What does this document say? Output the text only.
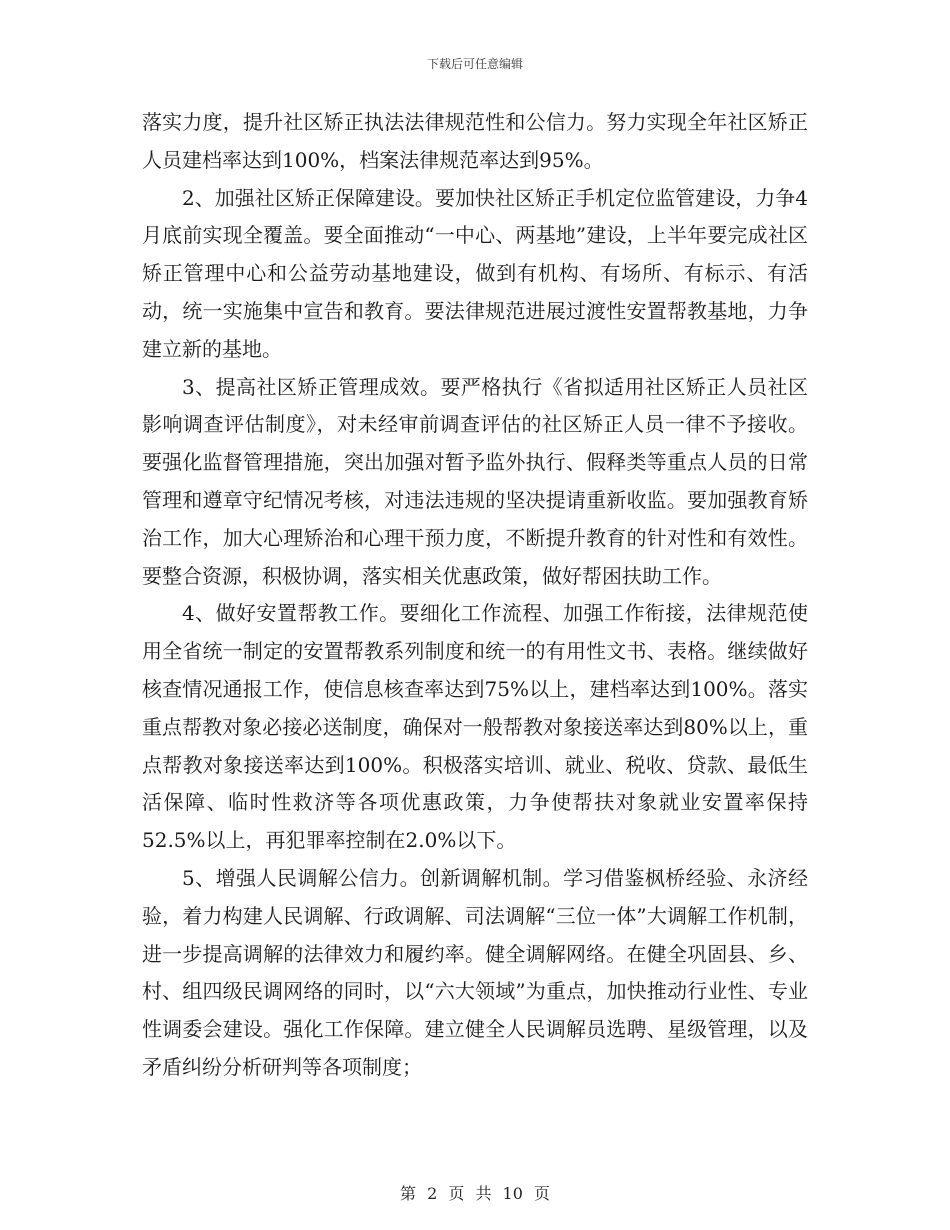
下载后可任意编辑

落实力度，提升社区矫正执法法律规范性和公信力。努力实现全年社区矫正人员建档率达到100%，档案法律规范率达到95%。

2、加强社区矫正保障建设。要加快社区矫正手机定位监管建设，力争4月底前实现全覆盖。要全面推动“一中心、两基地”建设，上半年要完成社区矫正管理中心和公益劳动基地建设，做到有机构、有场所、有标示、有活动，统一实施集中宣告和教育。要法律规范进展过渡性安置帮教基地，力争建立新的基地。

3、提高社区矫正管理成效。要严格执行《省拟适用社区矫正人员社区影响调查评估制度》，对未经审前调查评估的社区矫正人员一律不予接收。要强化监督管理措施，突出加强对暂予监外执行、假释类等重点人员的日常管理和遵章守纪情况考核，对违法违规的坚决提请重新收监。要加强教育矫治工作，加大心理矫治和心理干预力度，不断提升教育的针对性和有效性。要整合资源，积极协调，落实相关优惠政策，做好帮困扶助工作。

4、做好安置帮教工作。要细化工作流程、加强工作衔接，法律规范使用全省统一制定的安置帮教系列制度和统一的有用性文书、表格。继续做好核查情况通报工作，使信息核查率达到75%以上，建档率达到100%。落实重点帮教对象必接必送制度，确保对一般帮教对象接送率达到80%以上，重点帮教对象接送率达到100%。积极落实培训、就业、税收、贷款、最低生活保障、临时性救济等各项优惠政策，力争使帮扶对象就业安置率保持52.5%以上，再犯罪率控制在2.0%以下。

5、增强人民调解公信力。创新调解机制。学习借鉴枫桥经验、永济经验，着力构建人民调解、行政调解、司法调解“三位一体”大调解工作机制，进一步提高调解的法律效力和履约率。健全调解网络。在健全巩固县、乡、村、组四级民调网络的同时，以“六大领域”为重点，加快推动行业性、专业性调委会建设。强化工作保障。建立健全人民调解员选聘、星级管理，以及矛盾纠纷分析研判等各项制度；

第 2 页 共 10 页
